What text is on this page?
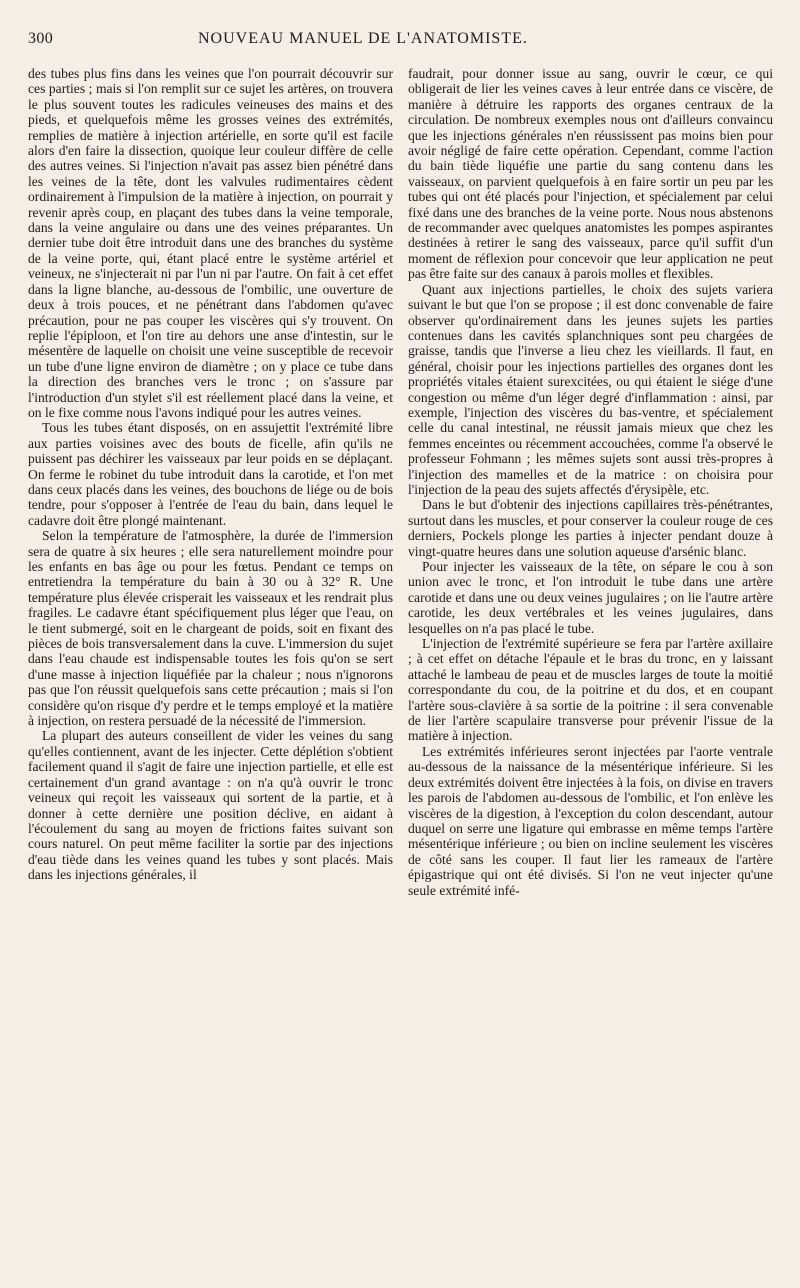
300	NOUVEAU MANUEL DE L'ANATOMISTE.

des tubes plus fins dans les veines que l'on pourrait découvrir sur ces parties ; mais si l'on remplit sur ce sujet les artères, on trouvera le plus souvent toutes les radicules veineuses des mains et des pieds, et quelquefois même les grosses veines des extrémités, remplies de matière à injection artérielle, en sorte qu'il est facile alors d'en faire la dissection, quoique leur couleur diffère de celle des autres veines. Si l'injection n'avait pas assez bien pénétré dans les veines de la tête, dont les valvules rudimentaires cèdent ordinairement à l'impulsion de la matière à injection, on pourrait y revenir après coup, en plaçant des tubes dans la veine temporale, dans la veine angulaire ou dans une des veines préparantes. Un dernier tube doit être introduit dans une des branches du système de la veine porte, qui, étant placé entre le système artériel et veineux, ne s'injecterait ni par l'un ni par l'autre. On fait à cet effet dans la ligne blanche, au-dessous de l'ombilic, une ouverture de deux à trois pouces, et ne pénétrant dans l'abdomen qu'avec précaution, pour ne pas couper les viscères qui s'y trouvent. On replie l'épiploon, et l'on tire au dehors une anse d'intestin, sur le mésentère de laquelle on choisit une veine susceptible de recevoir un tube d'une ligne environ de diamètre ; on y place ce tube dans la direction des branches vers le tronc ; on s'assure par l'introduction d'un stylet s'il est réellement placé dans la veine, et on le fixe comme nous l'avons indiqué pour les autres veines.

Tous les tubes étant disposés, on en assujettit l'extrémité libre aux parties voisines avec des bouts de ficelle, afin qu'ils ne puissent pas déchirer les vaisseaux par leur poids en se déplaçant. On ferme le robinet du tube introduit dans la carotide, et l'on met dans ceux placés dans les veines, des bouchons de liége ou de bois tendre, pour s'opposer à l'entrée de l'eau du bain, dans lequel le cadavre doit être plongé maintenant.

Selon la température de l'atmosphère, la durée de l'immersion sera de quatre à six heures ; elle sera naturellement moindre pour les enfants en bas âge ou pour les fœtus. Pendant ce temps on entretiendra la température du bain à 30 ou à 32° R. Une température plus élevée crisperait les vaisseaux et les rendrait plus fragiles. Le cadavre étant spécifiquement plus léger que l'eau, on le tient submergé, soit en le chargeant de poids, soit en fixant des pièces de bois transversalement dans la cuve. L'immersion du sujet dans l'eau chaude est indispensable toutes les fois qu'on se sert d'une masse à injection liquéfiée par la chaleur ; nous n'ignorons pas que l'on réussit quelquefois sans cette précaution ; mais si l'on considère qu'on risque d'y perdre et le temps employé et la matière à injection, on restera persuadé de la nécessité de l'immersion.

La plupart des auteurs conseillent de vider les veines du sang qu'elles contiennent, avant de les injecter. Cette déplétion s'obtient facilement quand il s'agit de faire une injection partielle, et elle est certainement d'un grand avantage : on n'a qu'à ouvrir le tronc veineux qui reçoit les vaisseaux qui sortent de la partie, et à donner à cette dernière une position déclive, en aidant à l'écoulement du sang au moyen de frictions faites suivant son cours naturel. On peut même faciliter la sortie par des injections d'eau tiède dans les veines quand les tubes y sont placés. Mais dans les injections générales, il

faudrait, pour donner issue au sang, ouvrir le cœur, ce qui obligerait de lier les veines caves à leur entrée dans ce viscère, de manière à détruire les rapports des organes centraux de la circulation. De nombreux exemples nous ont d'ailleurs convaincu que les injections générales n'en réussissent pas moins bien pour avoir négligé de faire cette opération. Cependant, comme l'action du bain tiède liquéfie une partie du sang contenu dans les vaisseaux, on parvient quelquefois à en faire sortir un peu par les tubes qui ont été placés pour l'injection, et spécialement par celui fixé dans une des branches de la veine porte. Nous nous abstenons de recommander avec quelques anatomistes les pompes aspirantes destinées à retirer le sang des vaisseaux, parce qu'il suffit d'un moment de réflexion pour concevoir que leur application ne peut pas être faite sur des canaux à parois molles et flexibles.

Quant aux injections partielles, le choix des sujets variera suivant le but que l'on se propose ; il est donc convenable de faire observer qu'ordinairement dans les jeunes sujets les parties contenues dans les cavités splanchniques sont peu chargées de graisse, tandis que l'inverse a lieu chez les vieillards. Il faut, en général, choisir pour les injections partielles des organes dont les propriétés vitales étaient surexcitées, ou qui étaient le siége d'une congestion ou même d'un léger degré d'inflammation : ainsi, par exemple, l'injection des viscères du bas-ventre, et spécialement celle du canal intestinal, ne réussit jamais mieux que chez les femmes enceintes ou récemment accouchées, comme l'a observé le professeur Fohmann ; les mêmes sujets sont aussi très-propres à l'injection des mamelles et de la matrice : on choisira pour l'injection de la peau des sujets affectés d'érysipèle, etc.

Dans le but d'obtenir des injections capillaires très-pénétrantes, surtout dans les muscles, et pour conserver la couleur rouge de ces derniers, Pockels plonge les parties à injecter pendant douze à vingt-quatre heures dans une solution aqueuse d'arsénic blanc.

Pour injecter les vaisseaux de la tête, on sépare le cou à son union avec le tronc, et l'on introduit le tube dans une artère carotide et dans une ou deux veines jugulaires ; on lie l'autre artère carotide, les deux vertébrales et les veines jugulaires, dans lesquelles on n'a pas placé le tube.

L'injection de l'extrémité supérieure se fera par l'artère axillaire ; à cet effet on détache l'épaule et le bras du tronc, en y laissant attaché le lambeau de peau et de muscles larges de toute la moitié correspondante du cou, de la poitrine et du dos, et en coupant l'artère sous-clavière à sa sortie de la poitrine : il sera convenable de lier l'artère scapulaire transverse pour prévenir l'issue de la matière à injection.

Les extrémités inférieures seront injectées par l'aorte ventrale au-dessous de la naissance de la mésentérique inférieure. Si les deux extrémités doivent être injectées à la fois, on divise en travers les parois de l'abdomen au-dessous de l'ombilic, et l'on enlève les viscères de la digestion, à l'exception du colon descendant, autour duquel on serre une ligature qui embrasse en même temps l'artère mésentérique inférieure ; ou bien on incline seulement les viscères de côté sans les couper. Il faut lier les rameaux de l'artère épigastrique qui ont été divisés. Si l'on ne veut injecter qu'une seule extrémité infé-
